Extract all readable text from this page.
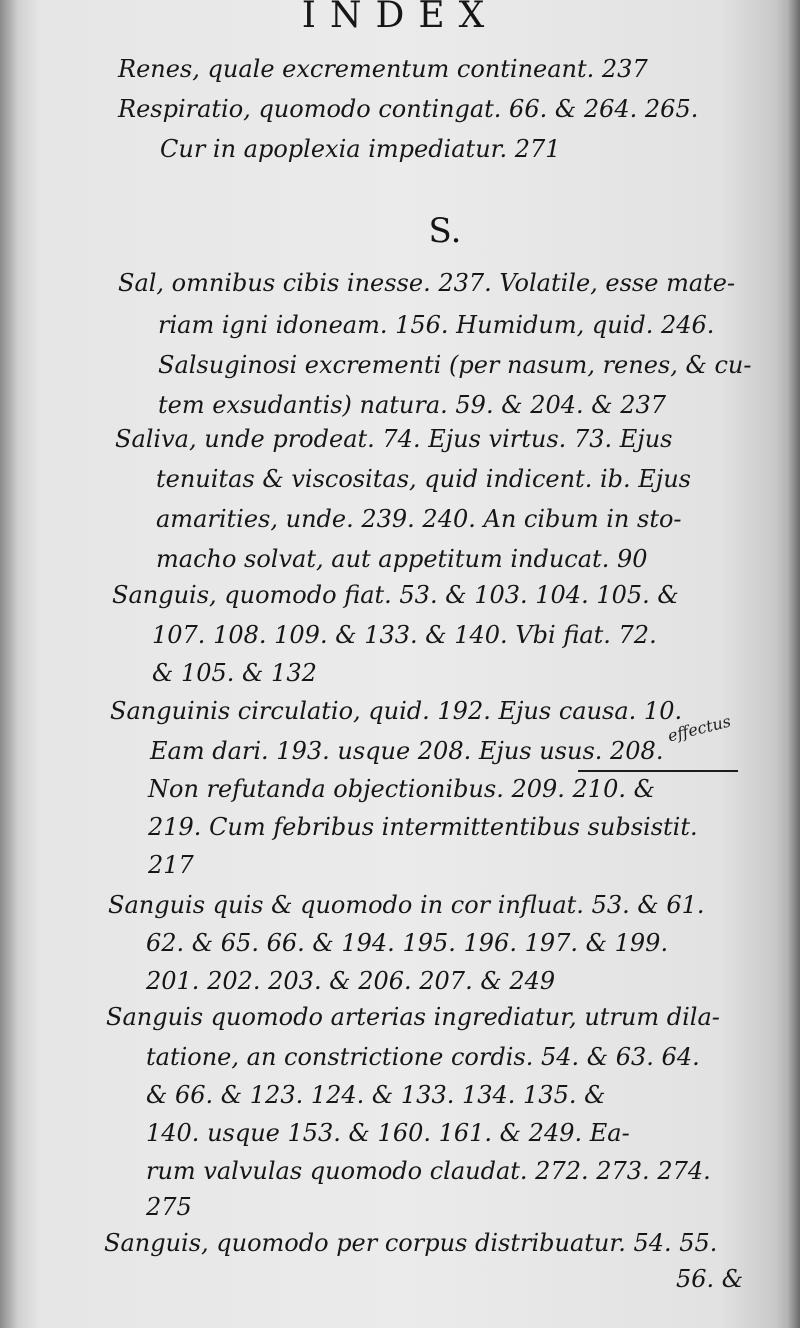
INDEX
Renes, quale excrementum contineant. 237
Respiratio, quomodo contingat. 66. & 264. 265.
Cur in apoplexia impediatur. 271
S.
Sal, omnibus cibis inesse. 237. Volatile, esse mate-
riam igni idoneam. 156. Humidum, quid. 246.
Salsuginosi excrementi (per nasum, renes, & cu-
tem exsudantis) natura. 59. & 204. & 237
Saliva, unde prodeat. 74. Ejus virtus. 73. Ejus
tenuitas & viscositas, quid indicent. ib. Ejus
amarities, unde. 239. 240. An cibum in sto-
macho solvat, aut appetitum inducat. 90
Sanguis, quomodo fiat. 53. & 103. 104. 105. &
107. 108. 109. & 133. & 140. Vbi fiat. 72.
& 105. & 132
Sanguinis circulatio, quid. 192. Ejus causa. 10.
Eam dari. 193. usque 208. Ejus usus. 208.
effectus
Non refutanda objectionibus. 209. 210. &
219. Cum febribus intermittentibus subsistit.
217
Sanguis quis & quomodo in cor influat. 53. & 61.
62. & 65. 66. & 194. 195. 196. 197. & 199.
201. 202. 203. & 206. 207. & 249
Sanguis quomodo arterias ingrediatur, utrum dila-
tatione, an constrictione cordis. 54. & 63. 64.
& 66. & 123. 124. & 133. 134. 135. &
140. usque 153. & 160. 161. & 249. Ea-
rum valvulas quomodo claudat. 272. 273. 274.
275
Sanguis, quomodo per corpus distribuatur. 54. 55.
56. &
